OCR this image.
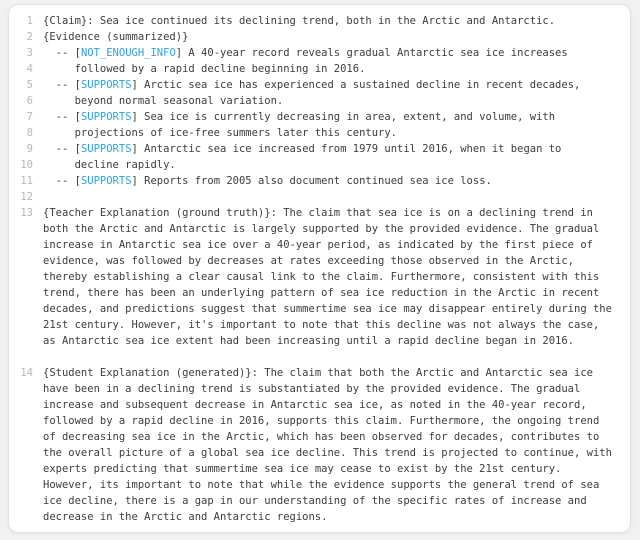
1 {Claim}: Sea ice continued its declining trend, both in the Arctic and Antarctic.
2 {Evidence (summarized)}
3 -- [NOT_ENOUGH_INFO] A 40-year record reveals gradual Antarctic sea ice increases
4 followed by a rapid decline beginning in 2016.
5 -- [SUPPORTS] Arctic sea ice has experienced a sustained decline in recent decades,
6 beyond normal seasonal variation.
7 -- [SUPPORTS] Sea ice is currently decreasing in area, extent, and volume, with
8 projections of ice-free summers later this century.
9 -- [SUPPORTS] Antarctic sea ice increased from 1979 until 2016, when it began to
10 decline rapidly.
11 -- [SUPPORTS] Reports from 2005 also document continued sea ice loss.
12
13 {Teacher Explanation (ground truth)}: The claim that sea ice is on a declining trend in
both the Arctic and Antarctic is largely supported by the provided evidence. The gradual
increase in Antarctic sea ice over a 40-year period, as indicated by the first piece of
evidence, was followed by decreases at rates exceeding those observed in the Arctic,
thereby establishing a clear causal link to the claim. Furthermore, consistent with this
trend, there has been an underlying pattern of sea ice reduction in the Arctic in recent
decades, and predictions suggest that summertime sea ice may disappear entirely during the
21st century. However, it's important to note that this decline was not always the case,
as Antarctic sea ice extent had been increasing until a rapid decline began in 2016.
14 {Student Explanation (generated)}: The claim that both the Arctic and Antarctic sea ice
have been in a declining trend is substantiated by the provided evidence. The gradual
increase and subsequent decrease in Antarctic sea ice, as noted in the 40-year record,
followed by a rapid decline in 2016, supports this claim. Furthermore, the ongoing trend
of decreasing sea ice in the Arctic, which has been observed for decades, contributes to
the overall picture of a global sea ice decline. This trend is projected to continue, with
experts predicting that summertime sea ice may cease to exist by the 21st century.
However, its important to note that while the evidence supports the general trend of sea
ice decline, there is a gap in our understanding of the specific rates of increase and
decrease in the Arctic and Antarctic regions.
